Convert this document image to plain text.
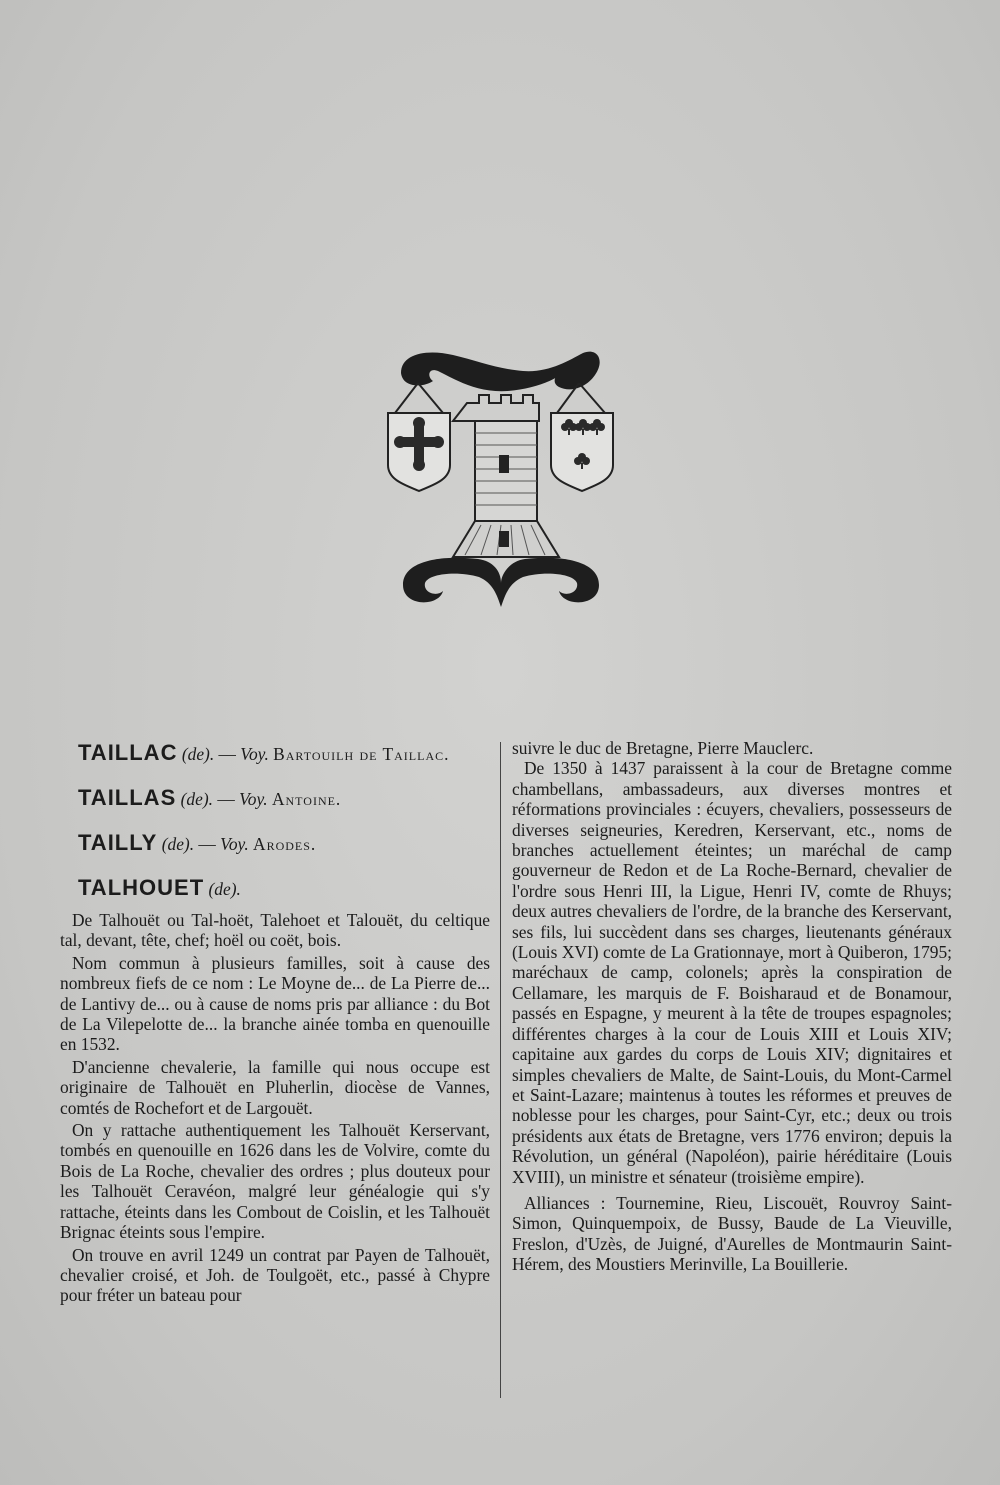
TAILLAC (de). — Voy. Bartouilh de Taillac.

TAILLAS (de). — Voy. Antoine.

TAILLY (de). — Voy. Arodes.

TALHOUET (de).

De Talhouët ou Tal-hoët, Talehoet et Talouët, du celtique tal, devant, tête, chef; hoël ou coët, bois.

Nom commun à plusieurs familles, soit à cause des nombreux fiefs de ce nom : Le Moyne de... de La Pierre de... de Lantivy de... ou à cause de noms pris par alliance : du Bot de La Vilepelotte de... la branche ainée tomba en quenouille en 1532.

D'ancienne chevalerie, la famille qui nous occupe est originaire de Talhouët en Pluherlin, diocèse de Vannes, comtés de Rochefort et de Largouët.

On y rattache authentiquement les Talhouët Kerservant, tombés en quenouille en 1626 dans les de Volvire, comte du Bois de La Roche, chevalier des ordres ; plus douteux pour les Talhouët Ceravéon, malgré leur généalogie qui s'y rattache, éteints dans les Combout de Coislin, et les Talhouët Brignac éteints sous l'empire.

On trouve en avril 1249 un contrat par Payen de Talhouët, chevalier croisé, et Joh. de Toulgoët, etc., passé à Chypre pour fréter un bateau pour

suivre le duc de Bretagne, Pierre Mauclerc.

De 1350 à 1437 paraissent à la cour de Bretagne comme chambellans, ambassadeurs, aux diverses montres et réformations provinciales : écuyers, chevaliers, possesseurs de diverses seigneuries, Keredren, Kerservant, etc., noms de branches actuellement éteintes; un maréchal de camp gouverneur de Redon et de La Roche-Bernard, chevalier de l'ordre sous Henri III, la Ligue, Henri IV, comte de Rhuys; deux autres chevaliers de l'ordre, de la branche des Kerservant, ses fils, lui succèdent dans ses charges, lieutenants généraux (Louis XVI) comte de La Grationnaye, mort à Quiberon, 1795; maréchaux de camp, colonels; après la conspiration de Cellamare, les marquis de F. Boisharaud et de Bonamour, passés en Espagne, y meurent à la tête de troupes espagnoles; différentes charges à la cour de Louis XIII et Louis XIV; capitaine aux gardes du corps de Louis XIV; dignitaires et simples chevaliers de Malte, de Saint-Louis, du Mont-Carmel et Saint-Lazare; maintenus à toutes les réformes et preuves de noblesse pour les charges, pour Saint-Cyr, etc.; deux ou trois présidents aux états de Bretagne, vers 1776 environ; depuis la Révolution, un général (Napoléon), pairie héréditaire (Louis XVIII), un ministre et sénateur (troisième empire).

Alliances : Tournemine, Rieu, Liscouët, Rouvroy Saint-Simon, Quinquempoix, de Bussy, Baude de La Vieuville, Freslon, d'Uzès, de Juigné, d'Aurelles de Montmaurin Saint-Hérem, des Moustiers Merinville, La Bouillerie.
